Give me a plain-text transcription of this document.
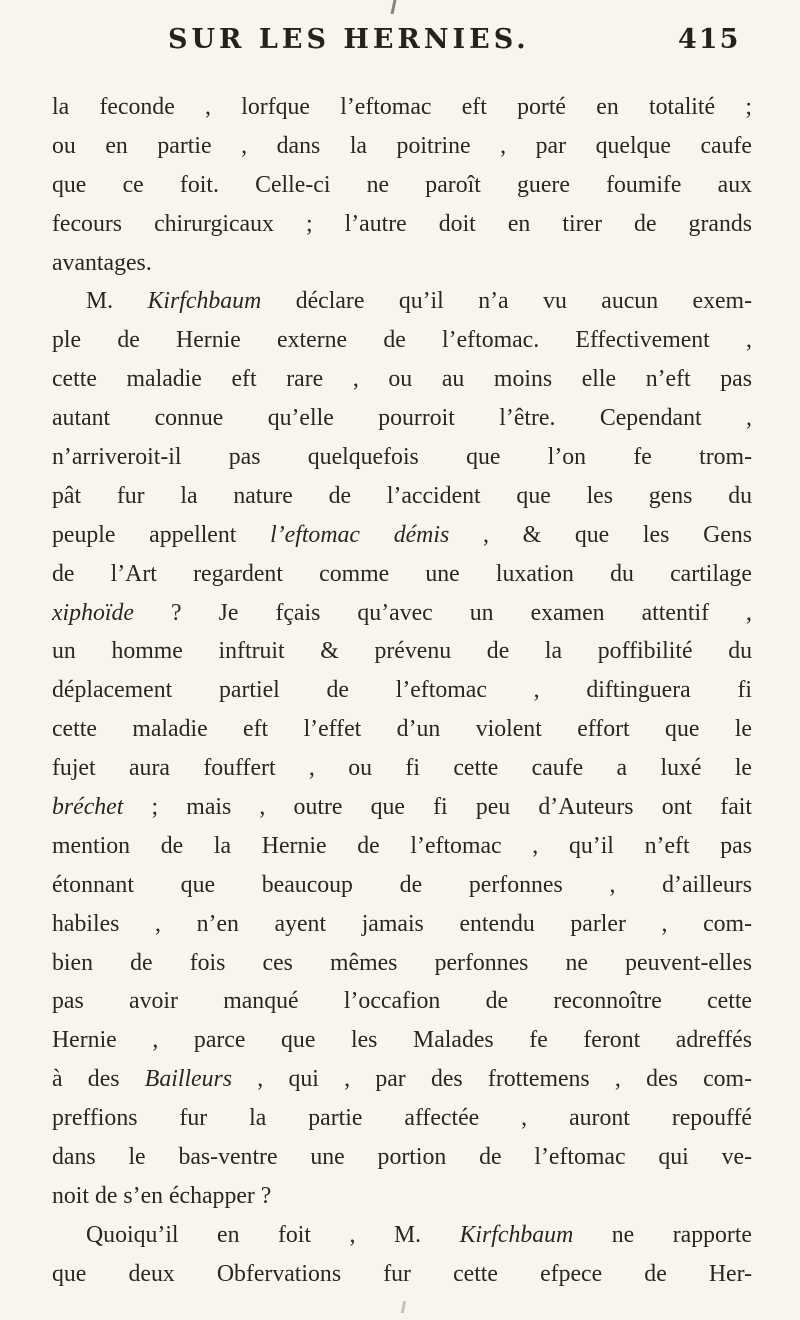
SUR LES HERNIES.	415
la feconde , lorfque l’eftomac eft porté en totalité ;
ou en partie , dans la poitrine , par quelque caufe
que ce foit. Celle-ci ne paroît guere foumife aux
fecours chirurgicaux ; l’autre doit en tirer de grands
avantages.
M. Kirfchbaum déclare qu’il n’a vu aucun exem-
ple de Hernie externe de l’eftomac. Effectivement ,
cette maladie eft rare , ou au moins elle n’eft pas
autant connue qu’elle pourroit l’être. Cependant ,
n’arriveroit-il pas quelquefois que l’on fe trom-
pât fur la nature de l’accident que les gens du
peuple appellent l’eftomac démis , & que les Gens
de l’Art regardent comme une luxation du cartilage
xiphoïde ? Je fçais qu’avec un examen attentif ,
un homme inftruit & prévenu de la poffibilité du
déplacement partiel de l’eftomac , diftinguera fi
cette maladie eft l’effet d’un violent effort que le
fujet aura fouffert , ou fi cette caufe a luxé le
bréchet ; mais , outre que fi peu d’Auteurs ont fait
mention de la Hernie de l’eftomac , qu’il n’eft pas
étonnant que beaucoup de perfonnes , d’ailleurs
habiles , n’en ayent jamais entendu parler , com-
bien de fois ces mêmes perfonnes ne peuvent-elles
pas avoir manqué l’occafion de reconnoître cette
Hernie , parce que les Malades fe feront adreffés
à des Bailleurs , qui , par des frottemens , des com-
preffions fur la partie affectée , auront repouffé
dans le bas-ventre une portion de l’eftomac qui ve-
noit de s’en échapper ?
Quoiqu’il en foit , M. Kirfchbaum ne rapporte
que deux Obfervations fur cette efpece de Her-
